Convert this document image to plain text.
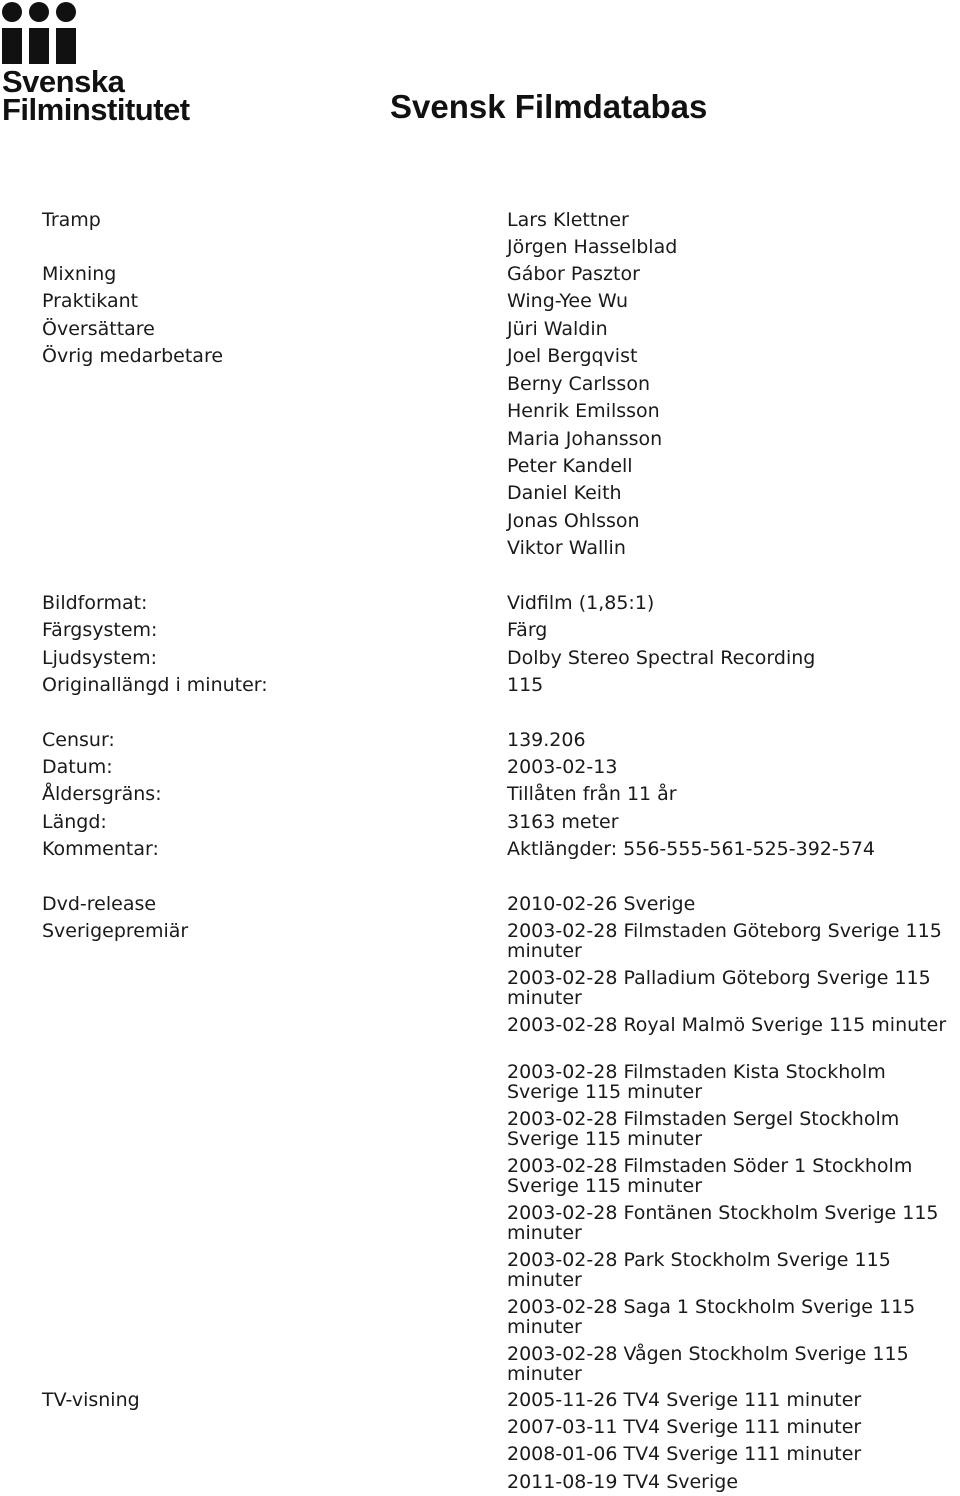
Svenska
Filminstitutet	Svensk Filmdatabas
Tramp	Lars Klettner
Jörgen Hasselblad
Mixning	Gábor Pasztor
Praktikant	Wing-Yee Wu
Översättare	Jüri Waldin
Övrig medarbetare	Joel Bergqvist
Berny Carlsson
Henrik Emilsson
Maria Johansson
Peter Kandell
Daniel Keith
Jonas Ohlsson
Viktor Wallin
Bildformat:	Vidfilm (1,85:1)
Färgsystem:	Färg
Ljudsystem:	Dolby Stereo Spectral Recording
Originallängd i minuter:	115
Censur:	139.206
Datum:	2003-02-13
Åldersgräns:	Tillåten från 11 år
Längd:	3163 meter
Kommentar:	Aktlängder: 556-555-561-525-392-574
Dvd-release	2010-02-26 Sverige
Sverigepremiär	2003-02-28 Filmstaden Göteborg Sverige 115 minuter
2003-02-28 Palladium Göteborg Sverige 115 minuter
2003-02-28 Royal Malmö Sverige 115 minuter
2003-02-28 Filmstaden Kista Stockholm Sverige 115 minuter
2003-02-28 Filmstaden Sergel Stockholm Sverige 115 minuter
2003-02-28 Filmstaden Söder 1 Stockholm Sverige 115 minuter
2003-02-28 Fontänen Stockholm Sverige 115 minuter
2003-02-28 Park Stockholm Sverige 115 minuter
2003-02-28 Saga 1 Stockholm Sverige 115 minuter
2003-02-28 Vågen Stockholm Sverige 115 minuter
TV-visning	2005-11-26 TV4 Sverige 111 minuter
2007-03-11 TV4 Sverige 111 minuter
2008-01-06 TV4 Sverige 111 minuter
2011-08-19 TV4 Sverige
